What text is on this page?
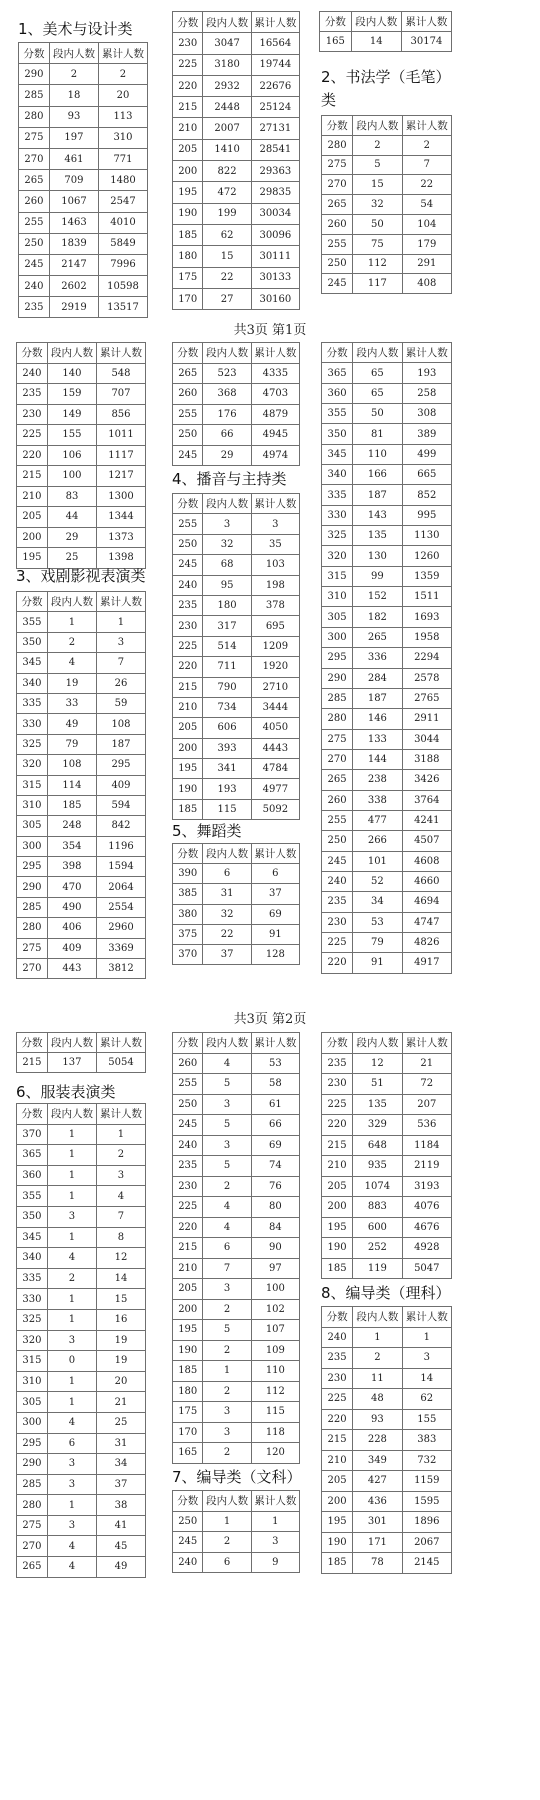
1、美术与设计类
分数	段内人数	累计人数
290	2	2
285	18	20
280	93	113
275	197	310
270	461	771
265	709	1480
260	1067	2547
255	1463	4010
250	1839	5849
245	2147	7996
240	2602	10598
235	2919	13517
分数	段内人数	累计人数
230	3047	16564
225	3180	19744
220	2932	22676
215	2448	25124
210	2007	27131
205	1410	28541
200	822	29363
195	472	29835
190	199	30034
185	62	30096
180	15	30111
175	22	30133
170	27	30160
分数	段内人数	累计人数
165	14	30174
2、书法学（毛笔）
类
分数	段内人数	累计人数
280	2	2
275	5	7
270	15	22
265	32	54
260	50	104
255	75	179
250	112	291
245	117	408
共3页 第1页
分数	段内人数	累计人数
240	140	548
235	159	707
230	149	856
225	155	1011
220	106	1117
215	100	1217
210	83	1300
205	44	1344
200	29	1373
195	25	1398
3、戏剧影视表演类
分数	段内人数	累计人数
355	1	1
350	2	3
345	4	7
340	19	26
335	33	59
330	49	108
325	79	187
320	108	295
315	114	409
310	185	594
305	248	842
300	354	1196
295	398	1594
290	470	2064
285	490	2554
280	406	2960
275	409	3369
270	443	3812
分数	段内人数	累计人数
265	523	4335
260	368	4703
255	176	4879
250	66	4945
245	29	4974
4、播音与主持类
分数	段内人数	累计人数
255	3	3
250	32	35
245	68	103
240	95	198
235	180	378
230	317	695
225	514	1209
220	711	1920
215	790	2710
210	734	3444
205	606	4050
200	393	4443
195	341	4784
190	193	4977
185	115	5092
5、舞蹈类
分数	段内人数	累计人数
390	6	6
385	31	37
380	32	69
375	22	91
370	37	128
分数	段内人数	累计人数
365	65	193
360	65	258
355	50	308
350	81	389
345	110	499
340	166	665
335	187	852
330	143	995
325	135	1130
320	130	1260
315	99	1359
310	152	1511
305	182	1693
300	265	1958
295	336	2294
290	284	2578
285	187	2765
280	146	2911
275	133	3044
270	144	3188
265	238	3426
260	338	3764
255	477	4241
250	266	4507
245	101	4608
240	52	4660
235	34	4694
230	53	4747
225	79	4826
220	91	4917
共3页 第2页
分数	段内人数	累计人数
215	137	5054
6、服装表演类
分数	段内人数	累计人数
370	1	1
365	1	2
360	1	3
355	1	4
350	3	7
345	1	8
340	4	12
335	2	14
330	1	15
325	1	16
320	3	19
315	0	19
310	1	20
305	1	21
300	4	25
295	6	31
290	3	34
285	3	37
280	1	38
275	3	41
270	4	45
265	4	49
分数	段内人数	累计人数
260	4	53
255	5	58
250	3	61
245	5	66
240	3	69
235	5	74
230	2	76
225	4	80
220	4	84
215	6	90
210	7	97
205	3	100
200	2	102
195	5	107
190	2	109
185	1	110
180	2	112
175	3	115
170	3	118
165	2	120
7、编导类（文科）
分数	段内人数	累计人数
250	1	1
245	2	3
240	6	9
分数	段内人数	累计人数
235	12	21
230	51	72
225	135	207
220	329	536
215	648	1184
210	935	2119
205	1074	3193
200	883	4076
195	600	4676
190	252	4928
185	119	5047
8、编导类（理科）
分数	段内人数	累计人数
240	1	1
235	2	3
230	11	14
225	48	62
220	93	155
215	228	383
210	349	732
205	427	1159
200	436	1595
195	301	1896
190	171	2067
185	78	2145
